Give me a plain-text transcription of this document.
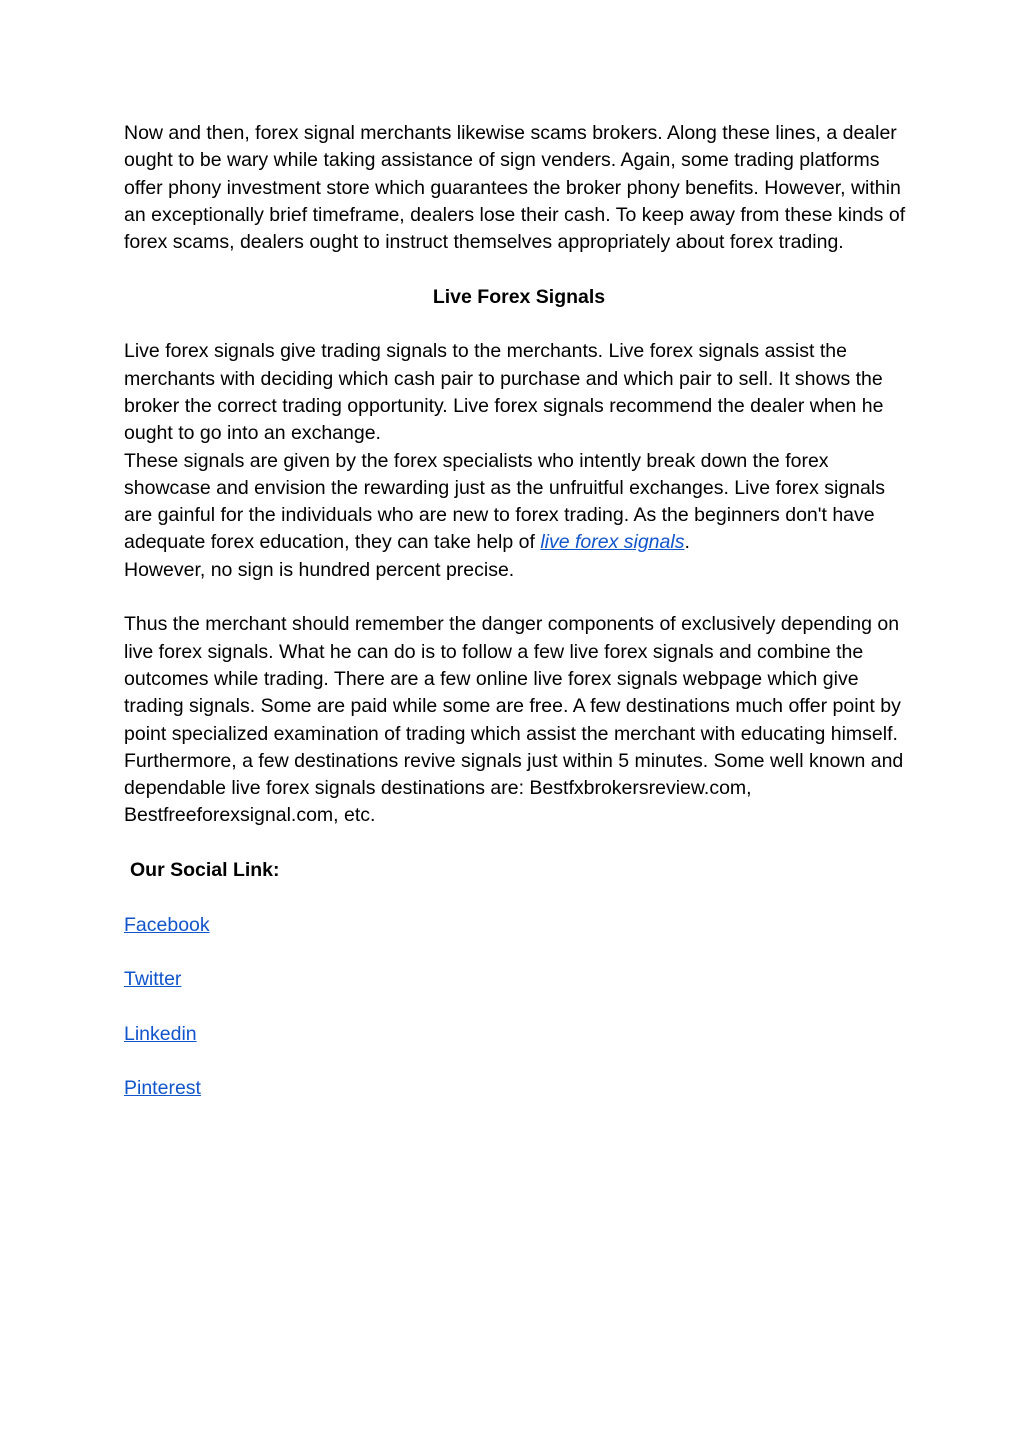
Now and then, forex signal merchants likewise scams brokers. Along these lines, a dealer ought to be wary while taking assistance of sign venders. Again, some trading platforms offer phony investment store which guarantees the broker phony benefits. However, within an exceptionally brief timeframe, dealers lose their cash. To keep away from these kinds of forex scams, dealers ought to instruct themselves appropriately about forex trading.

Live Forex Signals

Live forex signals give trading signals to the merchants. Live forex signals assist the merchants with deciding which cash pair to purchase and which pair to sell. It shows the broker the correct trading opportunity. Live forex signals recommend the dealer when he ought to go into an exchange.

These signals are given by the forex specialists who intently break down the forex showcase and envision the rewarding just as the unfruitful exchanges. Live forex signals are gainful for the individuals who are new to forex trading. As the beginners don't have adequate forex education, they can take help of live forex signals.
However, no sign is hundred percent precise.

Thus the merchant should remember the danger components of exclusively depending on live forex signals. What he can do is to follow a few live forex signals and combine the outcomes while trading. There are a few online live forex signals webpage which give trading signals. Some are paid while some are free. A few destinations much offer point by point specialized examination of trading which assist the merchant with educating himself. Furthermore, a few destinations revive signals just within 5 minutes. Some well known and dependable live forex signals destinations are: Bestfxbrokersreview.com, Bestfreeforexsignal.com, etc.

Our Social Link:

Facebook

Twitter

Linkedin

Pinterest
